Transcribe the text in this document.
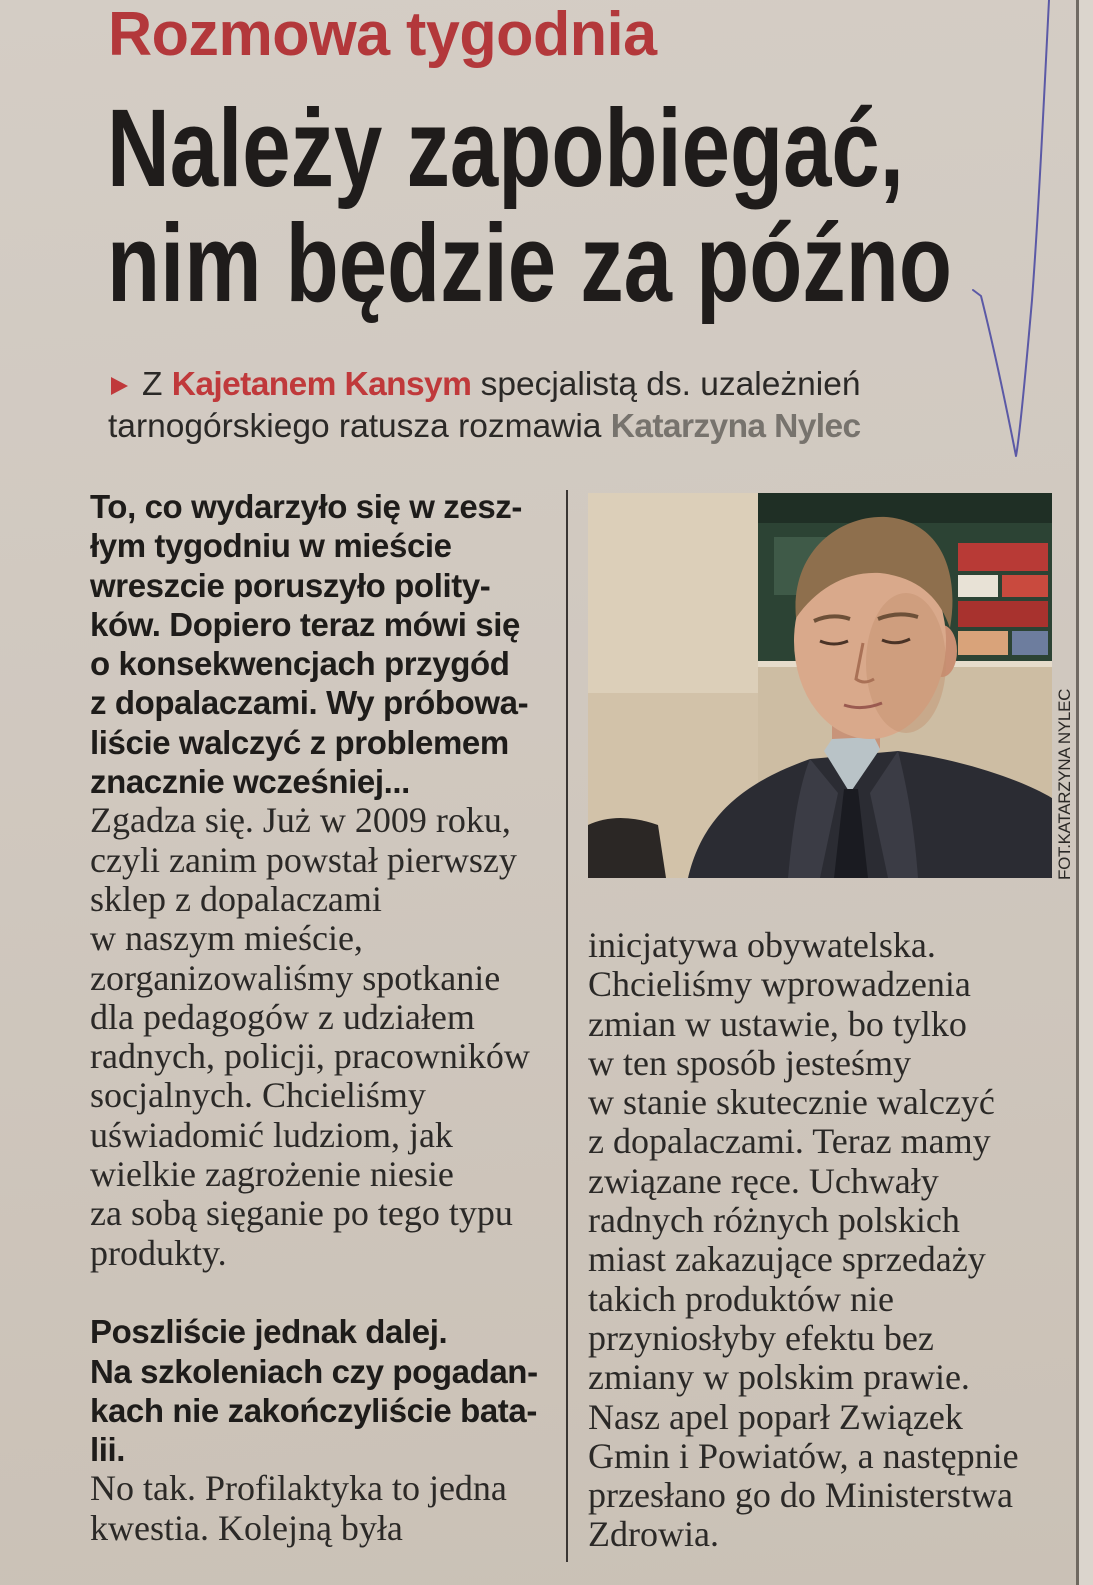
Rozmowa tygodnia
Należy zapobiegać,
nim będzie za późno
Z Kajetanem Kansym specjalistą ds. uzależnień
tarnogórskiego ratusza rozmawia Katarzyna Nylec
To, co wydarzyło się w zesz-
łym tygodniu w mieście
wreszcie poruszyło polity-
ków. Dopiero teraz mówi się
o konsekwencjach przygód
z dopalaczami. Wy próbowa-
liście walczyć z problemem
znacznie wcześniej...
Zgadza się. Już w 2009 roku,
czyli zanim powstał pierwszy
sklep z dopalaczami
w naszym mieście,
zorganizowaliśmy spotkanie
dla pedagogów z udziałem
radnych, policji, pracowników
socjalnych. Chcieliśmy
uświadomić ludziom, jak
wielkie zagrożenie niesie
za sobą sięganie po tego typu
produkty.
Poszliście jednak dalej.
Na szkoleniach czy pogadan-
kach nie zakończyliście bata-
lii.
No tak. Profilaktyka to jedna
kwestia. Kolejną była
FOT.KATARZYNA NYLEC
inicjatywa obywatelska.
Chcieliśmy wprowadzenia
zmian w ustawie, bo tylko
w ten sposób jesteśmy
w stanie skutecznie walczyć
z dopalaczami. Teraz mamy
związane ręce. Uchwały
radnych różnych polskich
miast zakazujące sprzedaży
takich produktów nie
przyniosłyby efektu bez
zmiany w polskim prawie.
Nasz apel poparł Związek
Gmin i Powiatów, a następnie
przesłano go do Ministerstwa
Zdrowia.
